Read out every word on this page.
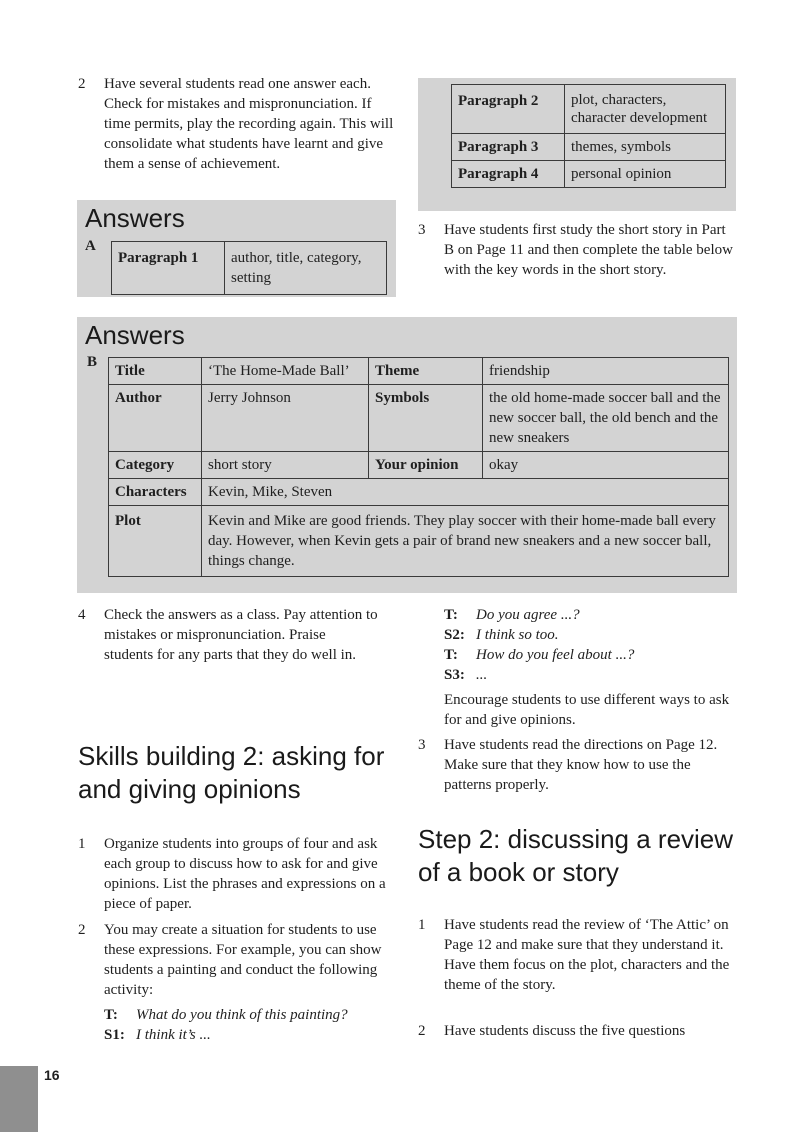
2 Have several students read one answer each. Check for mistakes and mispronunciation. If time permits, play the recording again. This will consolidate what students have learnt and give them a sense of achievement.
Answers
A
Paragraph 1	author, title, category, setting
Paragraph 2	plot, characters, character development
Paragraph 3	themes, symbols
Paragraph 4	personal opinion
3 Have students first study the short story in Part B on Page 11 and then complete the table below with the key words in the short story.
Answers
B
Title	‘The Home-Made Ball’	Theme	friendship
Author	Jerry Johnson	Symbols	the old home-made soccer ball and the new soccer ball, the old bench and the new sneakers
Category	short story	Your opinion	okay
Characters	Kevin, Mike, Steven		
Plot	Kevin and Mike are good friends. They play soccer with their home-made ball every day. However, when Kevin gets a pair of brand new sneakers and a new soccer ball, things change.		
4 Check the answers as a class. Pay attention to mistakes or mispronunciation. Praise students for any parts that they do well in.
Skills building 2: asking for and giving opinions
1 Organize students into groups of four and ask each group to discuss how to ask for and give opinions. List the phrases and expressions on a piece of paper.
2 You may create a situation for students to use these expressions. For example, you can show students a painting and conduct the following activity:
T: What do you think of this painting?
S1: I think it’s ...
T: Do you agree ...?
S2: I think so too.
T: How do you feel about ...?
S3: ...
Encourage students to use different ways to ask for and give opinions.
3 Have students read the directions on Page 12. Make sure that they know how to use the patterns properly.
Step 2: discussing a review of a book or story
1 Have students read the review of ‘The Attic’ on Page 12 and make sure that they understand it. Have them focus on the plot, characters and the theme of the story.
2 Have students discuss the five questions
16
